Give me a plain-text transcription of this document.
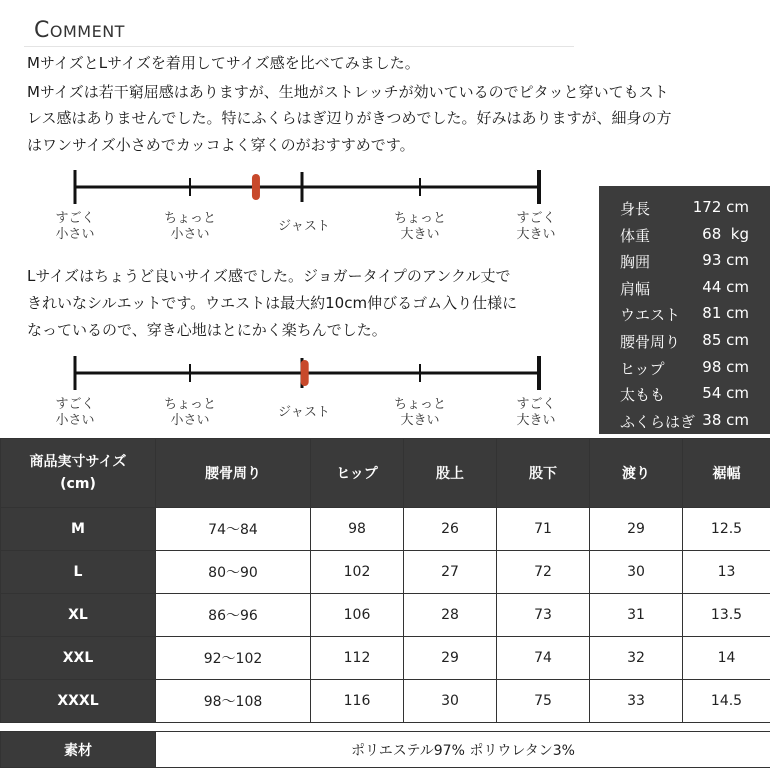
COMMENT
MサイズとLサイズを着用してサイズ感を比べてみました。
Mサイズは若干窮屈感はありますが、生地がストレッチが効いているのでピタッと穿いてもスト
レス感はありませんでした。特にふくらはぎ辺りがきつめでした。好みはありますが、細身の方
はワンサイズ小さめでカッコよく穿くのがおすすめです。
すごく
小さい
ちょっと
小さい
ジャスト
ちょっと
大きい
すごく
大きい
Lサイズはちょうど良いサイズ感でした。ジョガータイプのアンクル丈で
きれいなシルエットです。ウエストは最大約10cm伸びるゴム入り仕様に
なっているので、穿き心地はとにかく楽ちんでした。
すごく
小さい
ちょっと
小さい
ジャスト
ちょっと
大きい
すごく
大きい
身長	172 cm
体重	68  kg
胸囲	93 cm
肩幅	44 cm
ウエスト	81 cm
腰骨周り	85 cm
ヒップ	98 cm
太もも	54 cm
ふくらはぎ 38 cm
商品実寸サイズ
(cm)	腰骨周り	ヒップ	股上	股下	渡り	裾幅
M	74～84	98	26	71	29	12.5
L	80～90	102	27	72	30	13
XL	86～96	106	28	73	31	13.5
XXL	92～102	112	29	74	32	14
XXXL	98～108	116	30	75	33	14.5
素材	ポリエステル97% ポリウレタン3%
